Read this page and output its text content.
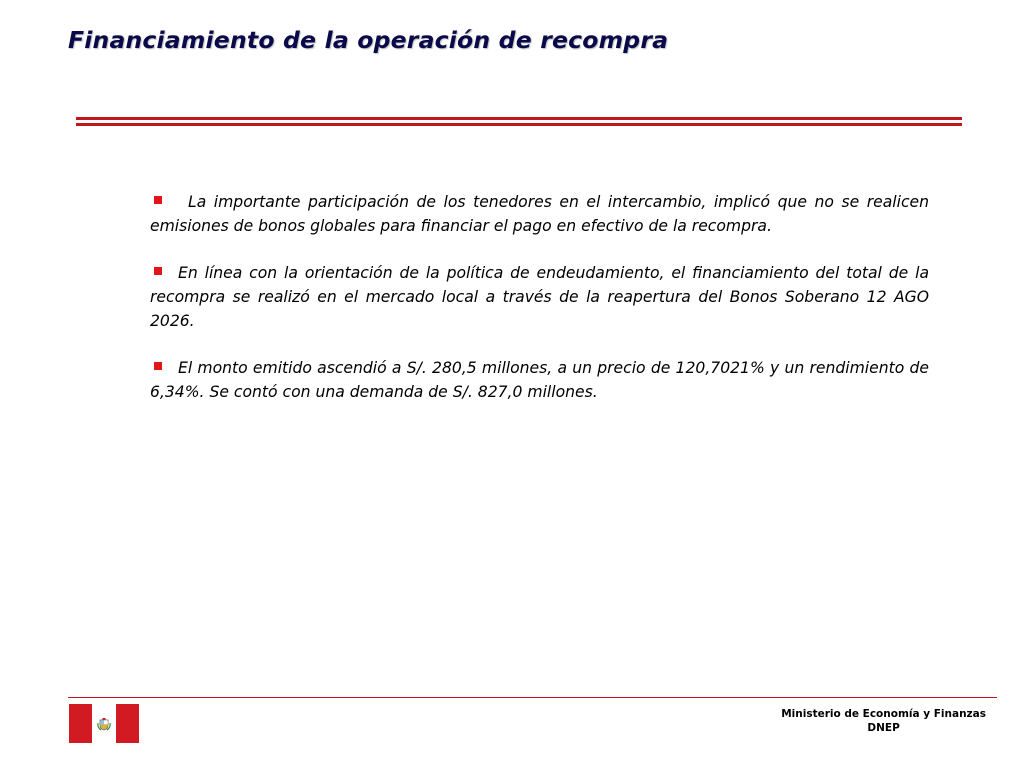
Financiamiento de la operación de recompra

La importante participación de los tenedores en el intercambio, implicó que no se realicen emisiones de bonos globales para financiar el pago en efectivo de la recompra.

En línea con la orientación de la política de endeudamiento, el financiamiento del total de la recompra se realizó en el mercado local a través de la reapertura del Bonos Soberano 12 AGO 2026.

El monto emitido ascendió a S/. 280,5 millones, a un precio de 120,7021% y un rendimiento de 6,34%. Se contó con una demanda de S/. 827,0 millones.

Ministerio de Economía y Finanzas
DNEP
